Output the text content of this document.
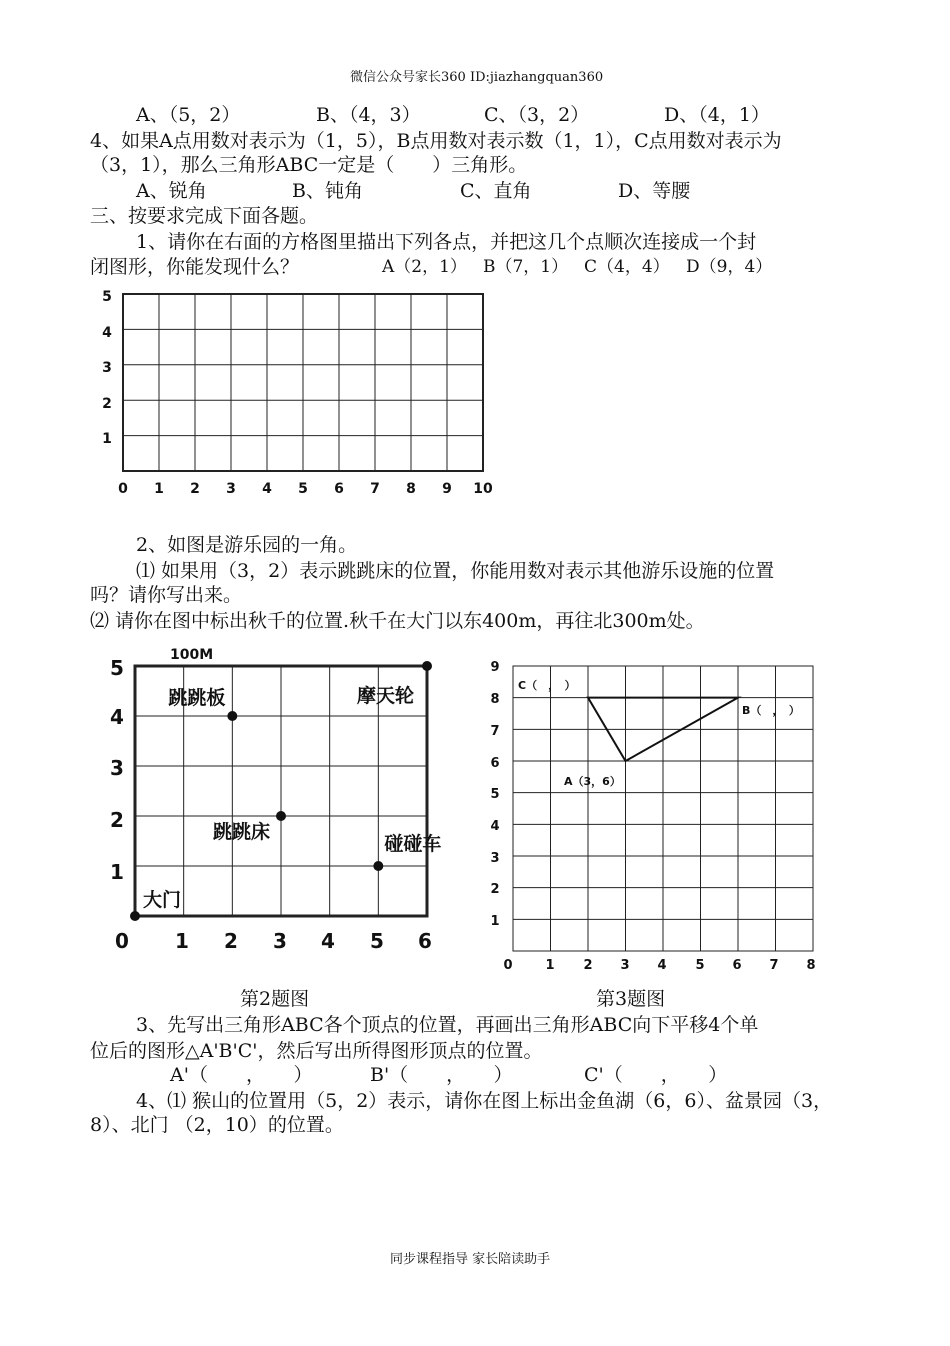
微信公众号家长360 ID:jiazhangquan360
同步课程指导 家长陪读助手
A、（5，2）	B、（4，3）	C、（3，2）	D、（4，1）
4、如果A点用数对表示为（1，5），B点用数对表示数（1，1），C点用数对表示为
（3，1），那么三角形ABC一定是（　　）三角形。
A、锐角	B、钝角	C、直角	D、等腰
三、按要求完成下面各题。
1、请你在右面的方格图里描出下列各点，并把这几个点顺次连接成一个封
闭图形，你能发现什么？	A（2，1） B（7，1） C（4，4） D（9，4）
0 1 2 3 4 5 6 7 8 9 10
1
2
3
4
5
2、如图是游乐园的一角。
⑴ 如果用（3，2）表示跳跳床的位置，你能用数对表示其他游乐设施的位置
吗？请你写出来。
⑵ 请你在图中标出秋千的位置.秋千在大门以东400m，再往北300m处。
100M
0 1 2 3 4 5 6
1
2
3
4
5
跳跳板	摩天轮
跳跳床
碰碰车
大门
0	1 2 3 4 5 6 7 8
1
2
3
4
5
6
7
8
9
C（　，　）
B（　，　）
A（3，6）
第2题图	第3题图
3、先写出三角形ABC各个顶点的位置，再画出三角形ABC向下平移4个单
位后的图形△A'B'C'，然后写出所得图形顶点的位置。
A'（　　，　　）	B'（　　，　　）	C'（　　，　　）
4、⑴ 猴山的位置用（5，2）表示，请你在图上标出金鱼湖（6，6）、盆景园（3，
8）、北门 （2，10）的位置。
